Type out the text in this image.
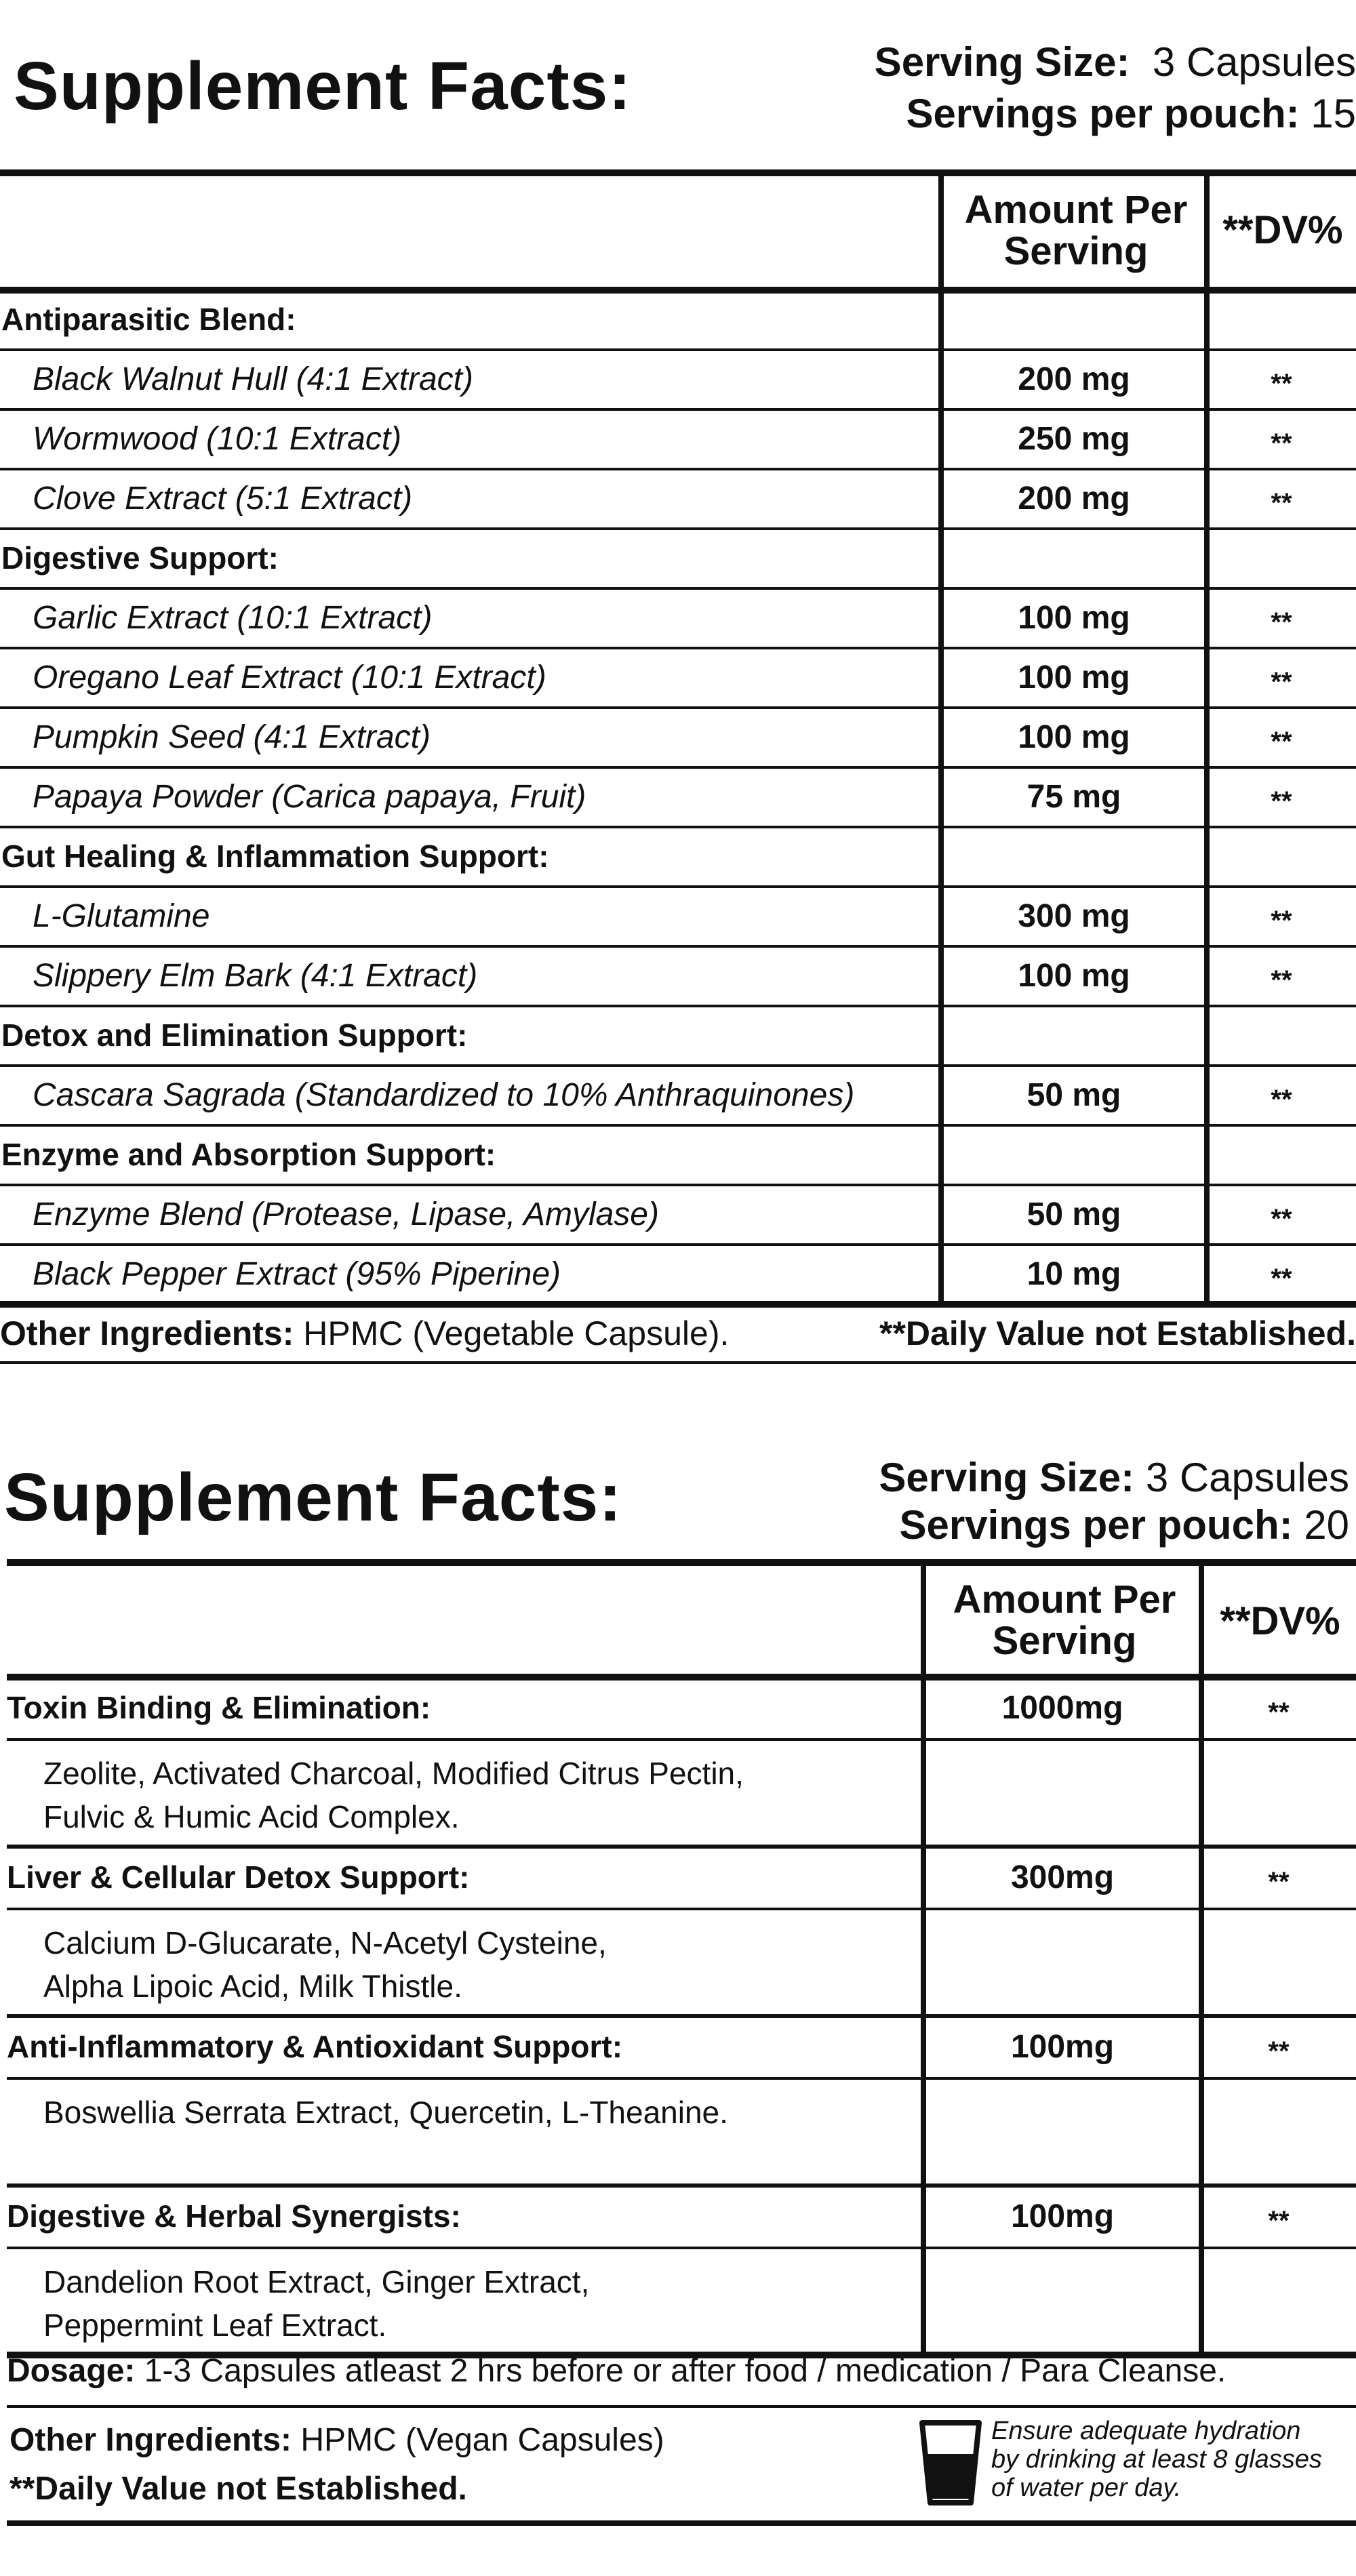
Supplement Facts:	Serving Size: 3 Capsules
Servings per pouch: 15
Amount Per Serving	**DV%
Antiparasitic Blend:
Black Walnut Hull (4:1 Extract)	200 mg	**
Wormwood (10:1 Extract)	250 mg	**
Clove Extract (5:1 Extract)	200 mg	**
Digestive Support:
Garlic Extract (10:1 Extract)	100 mg	**
Oregano Leaf Extract (10:1 Extract)	100 mg	**
Pumpkin Seed (4:1 Extract)	100 mg	**
Papaya Powder (Carica papaya, Fruit)	75 mg	**
Gut Healing & Inflammation Support:
L-Glutamine	300 mg	**
Slippery Elm Bark (4:1 Extract)	100 mg	**
Detox and Elimination Support:
Cascara Sagrada (Standardized to 10% Anthraquinones)	50 mg	**
Enzyme and Absorption Support:
Enzyme Blend (Protease, Lipase, Amylase)	50 mg	**
Black Pepper Extract (95% Piperine)	10 mg	**
Other Ingredients: HPMC (Vegetable Capsule).	**Daily Value not Established.
Supplement Facts:	Serving Size: 3 Capsules
Servings per pouch: 20
Amount Per Serving	**DV%
Toxin Binding & Elimination:	1000mg	**
Zeolite, Activated Charcoal, Modified Citrus Pectin,
Fulvic & Humic Acid Complex.
Liver & Cellular Detox Support:	300mg	**
Calcium D-Glucarate, N-Acetyl Cysteine,
Alpha Lipoic Acid, Milk Thistle.
Anti-Inflammatory & Antioxidant Support:	100mg	**
Boswellia Serrata Extract, Quercetin, L-Theanine.
Digestive & Herbal Synergists:	100mg	**
Dandelion Root Extract, Ginger Extract,
Peppermint Leaf Extract.
Dosage: 1-3 Capsules atleast 2 hrs before or after food / medication / Para Cleanse.
Other Ingredients: HPMC (Vegan Capsules)
**Daily Value not Established.
Ensure adequate hydration
by drinking at least 8 glasses
of water per day.
